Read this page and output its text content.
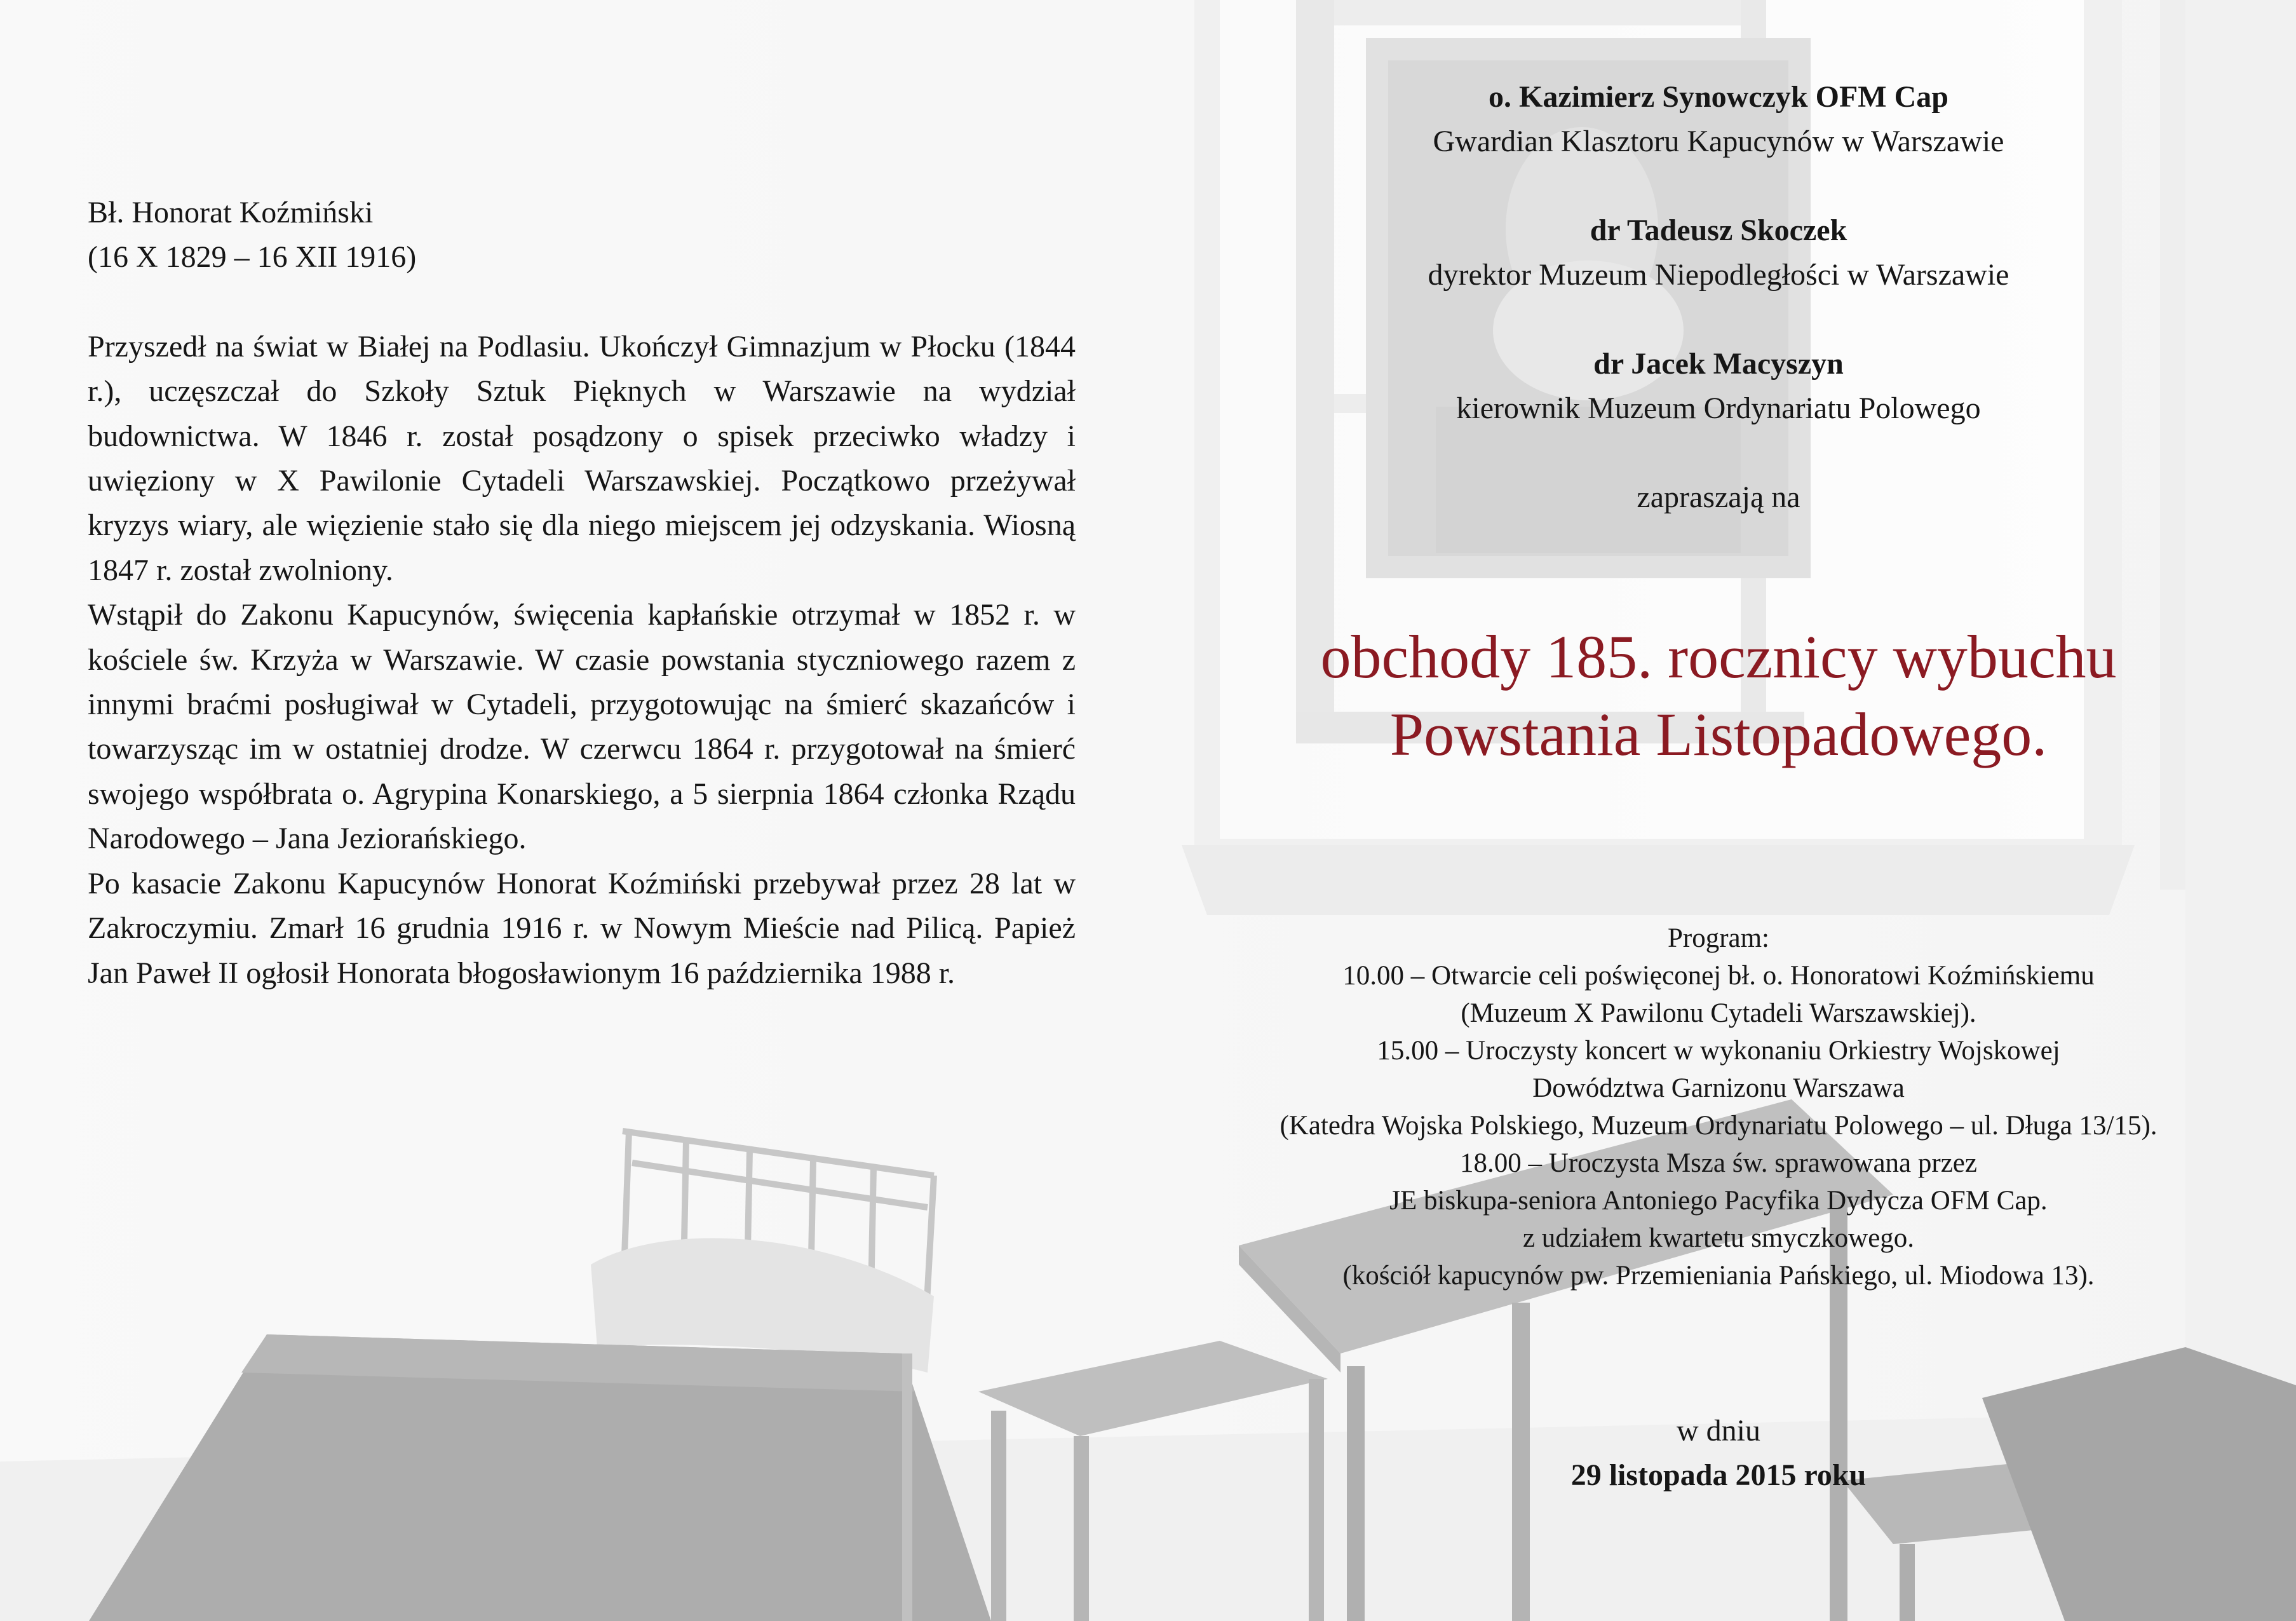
Bł. Honorat Koźmiński
(16 X 1829 – 16 XII 1916)

Przyszedł na świat w Białej na Podlasiu. Ukończył Gimnazjum w Płocku (1844 r.), uczęszczał do Szkoły Sztuk Pięknych w Warszawie na wydział budownictwa. W 1846 r. został posądzony o spisek przeciwko władzy i uwięziony w X Pawilonie Cytadeli Warszawskiej. Początkowo przeżywał kryzys wiary, ale więzienie stało się dla niego miejscem jej odzyskania. Wiosną 1847 r. został zwolniony.

Wstąpił do Zakonu Kapucynów, święcenia kapłańskie otrzymał w 1852 r. w kościele św. Krzyża w Warszawie. W czasie powstania styczniowego razem z innymi braćmi posługiwał w Cytadeli, przygotowując na śmierć skazańców i towarzysząc im w ostatniej drodze. W czerwcu 1864 r. przygotował na śmierć swojego współbrata o. Agrypina Konarskiego, a 5 sierpnia 1864 członka Rządu Narodowego – Jana Jeziorańskiego.

Po kasacie Zakonu Kapucynów Honorat Koźmiński przebywał przez 28 lat w Zakroczymiu. Zmarł 16 grudnia 1916 r. w Nowym Mieście nad Pilicą. Papież Jan Paweł II ogłosił Honorata błogosławionym 16 października 1988 r.

o. Kazimierz Synowczyk OFM Cap
Gwardian Klasztoru Kapucynów w Warszawie
dr Tadeusz Skoczek
dyrektor Muzeum Niepodległości w Warszawie
dr Jacek Macyszyn
kierownik Muzeum Ordynariatu Polowego
zapraszają na
obchody 185. rocznicy wybuchu
Powstania Listopadowego.
Program:
10.00 – Otwarcie celi poświęconej bł. o. Honoratowi Koźmińskiemu
(Muzeum X Pawilonu Cytadeli Warszawskiej).
15.00 – Uroczysty koncert w wykonaniu Orkiestry Wojskowej
Dowództwa Garnizonu Warszawa
(Katedra Wojska Polskiego, Muzeum Ordynariatu Polowego – ul. Długa 13/15).
18.00 – Uroczysta Msza św. sprawowana przez
JE biskupa-seniora Antoniego Pacyfika Dydycza OFM Cap.
z udziałem kwartetu smyczkowego.
(kościół kapucynów pw. Przemienianiа Pańskiego, ul. Miodowa 13).
w dniu
29 listopada 2015 roku
